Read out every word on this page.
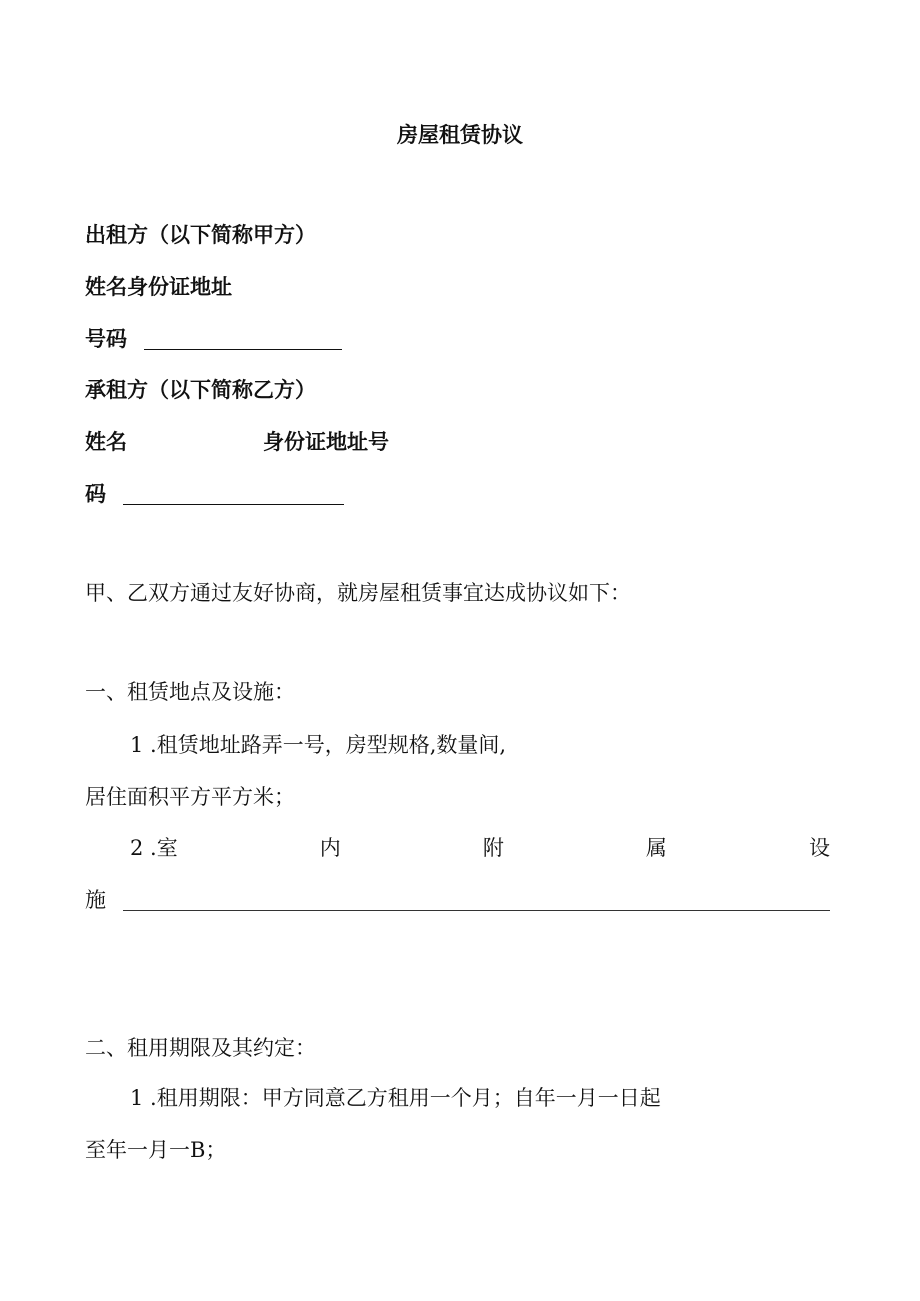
房屋租赁协议
出租方（以下简称甲方）
姓名身份证地址
号码
承租方（以下简称乙方）
姓名	身份证地址号
码
甲、乙双方通过友好协商，就房屋租赁事宜达成协议如下：
一、租赁地点及设施：
1 .租赁地址路弄一号，房型规格,数量间,
居住面积平方平方米；
2 .室	内	附	属	设
施
二、租用期限及其约定：
1 .租用期限：甲方同意乙方租用一个月；自年一月一日起
至年一月一B；
